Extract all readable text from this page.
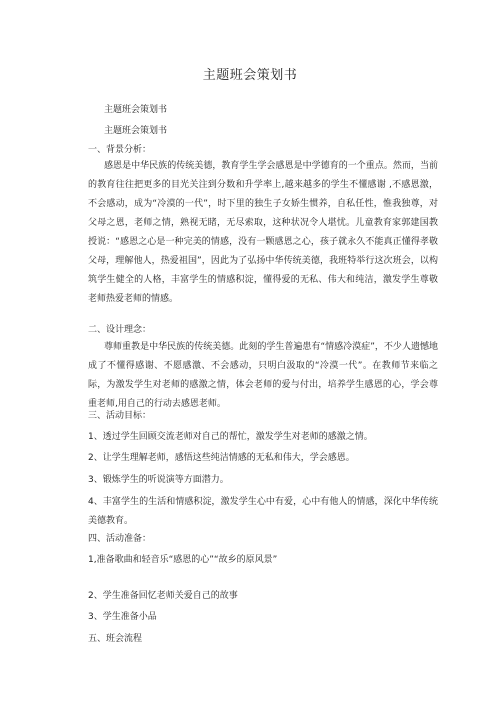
主题班会策划书
主题班会策划书
主题班会策划书
一、背景分析：

感恩是中华民族的传统美德，教育学生学会感恩是中学德育的一个重点。然而，当前的教育往往把更多的目光关注到分数和升学率上,越来越多的学生不懂感谢 ,不感恩激，不会感动，成为“冷漠的一代”，时下里的独生子女娇生惯养，自私任性，惟我独尊，对父母之恩，老师之情，熟视无睹，无尽索取，这种状况令人堪忧。儿童教育家郭建国教授说：“感恩之心是一种完美的情感，没有一颗感恩之心，孩子就永久不能真正懂得孝敬父母，理解他人，热爱祖国”，因此为了弘扬中华传统美德，我班特举行这次班会，以构筑学生健全的人格，丰富学生的情感积淀，懂得爱的无私、伟大和纯洁，激发学生尊敬老师热爱老师的情感。

二、设计理念：

尊师重教是中华民族的传统美德。此刻的学生普遍患有“情感冷漠症”，不少人遗憾地成了不懂得感谢、不愿感激、不会感动，只明白汲取的“冷漠一代”。在教师节来临之际，为激发学生对老师的感激之情，体会老师的爱与付出，培养学生感恩的心，学会尊重老师,用自己的行动去感恩老师。

三、活动目标：
1、透过学生回顾交流老师对自己的帮忙，激发学生对老师的感激之情。
2、让学生理解老师，感悟这些纯洁情感的无私和伟大，学会感恩。
3、锻炼学生的听说演等方面潜力。

4、丰富学生的生活和情感积淀，激发学生心中有爱，心中有他人的情感，深化中华传统美德教育。

四、活动准备：
1,准备歌曲和轻音乐“感恩的心”“故乡的原风景”
2、学生准备回忆老师关爱自己的故事
3、学生准备小品
五、班会流程
